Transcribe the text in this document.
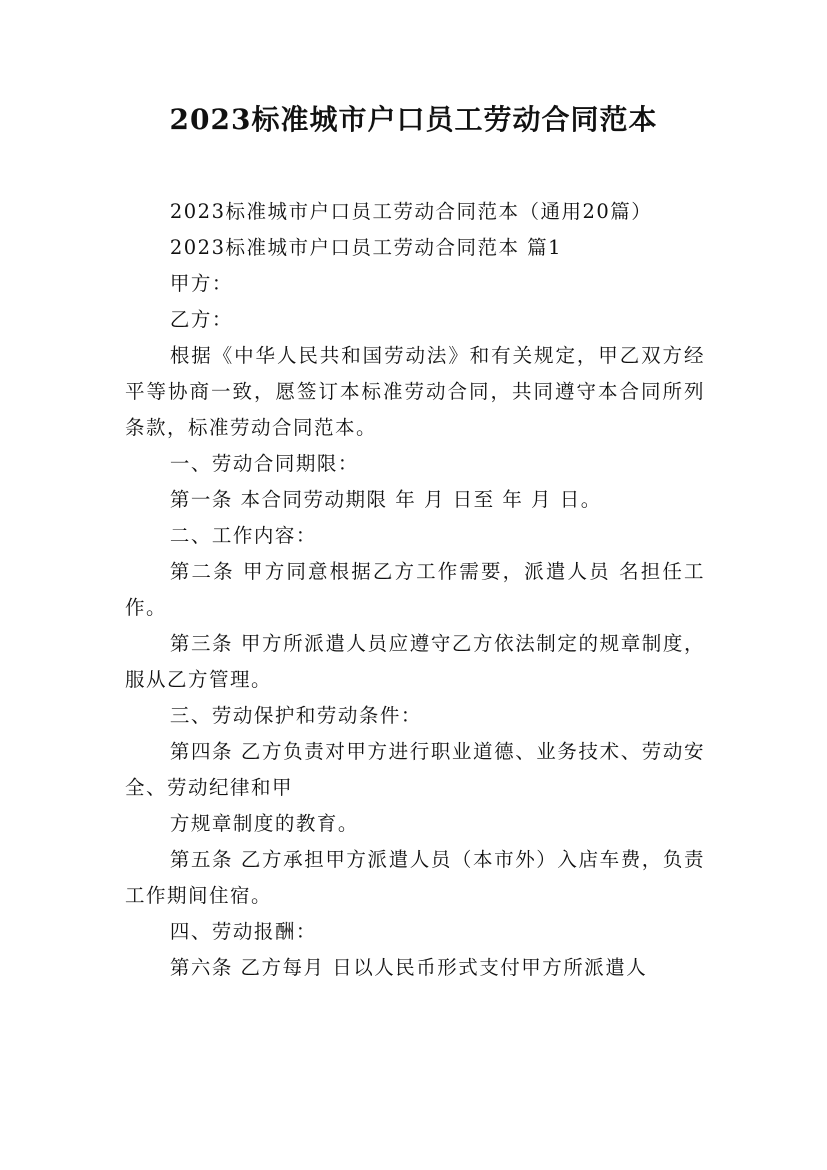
2023标准城市户口员工劳动合同范本

2023标准城市户口员工劳动合同范本（通用20篇）

2023标准城市户口员工劳动合同范本 篇1

甲方：

乙方：

根据《中华人民共和国劳动法》和有关规定，甲乙双方经平等协商一致，愿签订本标准劳动合同，共同遵守本合同所列条款，标准劳动合同范本。

一、劳动合同期限：

第一条 本合同劳动期限 年 月 日至 年 月 日。

二、工作内容：

第二条 甲方同意根据乙方工作需要，派遣人员 名担任工作。

第三条 甲方所派遣人员应遵守乙方依法制定的规章制度，服从乙方管理。

三、劳动保护和劳动条件：

第四条 乙方负责对甲方进行职业道德、业务技术、劳动安全、劳动纪律和甲

方规章制度的教育。

第五条 乙方承担甲方派遣人员（本市外）入店车费，负责工作期间住宿。

四、劳动报酬：

第六条 乙方每月 日以人民币形式支付甲方所派遣人
